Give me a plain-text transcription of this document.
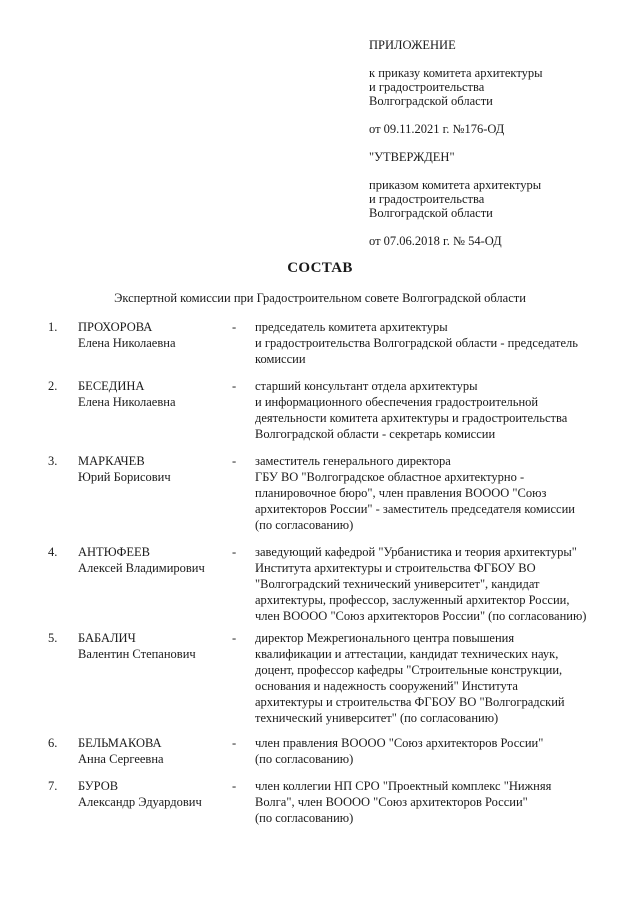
ПРИЛОЖЕНИЕ

к приказу комитета архитектуры
и градостроительства
Волгоградской области

от 09.11.2021 г. №176-ОД

"УТВЕРЖДЕН"

приказом комитета архитектуры
и градостроительства
Волгоградской области

от 07.06.2018 г. № 54-ОД

СОСТАВ
Экспертной комиссии при Градостроительном совете Волгоградской области
1. ПРОХОРОВА
Елена Николаевна
- председатель комитета архитектуры
и градостроительства Волгоградской области - председатель
комиссии
2. БЕСЕДИНА
Елена Николаевна
- старший консультант отдела архитектуры
и информационного обеспечения градостроительной
деятельности комитета архитектуры и градостроительства
Волгоградской области - секретарь комиссии
3. МАРКАЧЕВ
Юрий Борисович
- заместитель генерального директора
ГБУ ВО "Волгоградское областное архитектурно -
планировочное бюро", член правления ВООOO "Союз
архитекторов России" - заместитель председателя комиссии
(по согласованию)
4. АНТЮФЕЕВ
Алексей Владимирович
- заведующий кафедрой "Урбанистика и теория архитектуры"
Института архитектуры и строительства ФГБОУ ВО
"Волгоградский технический университет", кандидат
архитектуры, профессор, заслуженный архитектор России,
член ВООOO "Союз архитекторов России" (по согласованию)
5. БАБАЛИЧ
Валентин Степанович
- директор Межрегионального центра повышения
квалификации и аттестации, кандидат технических наук,
доцент, профессор кафедры "Строительные конструкции,
основания и надежность сооружений" Института
архитектуры и строительства ФГБОУ ВО "Волгоградский
технический университет" (по согласованию)
6. БЕЛЬМАКОВА
Анна Сергеевна
- член правления ВООOO "Союз архитекторов России"
(по согласованию)
7. БУРОВ
Александр Эдуардович
- член коллегии НП СРО "Проектный комплекс "Нижняя
Волга", член ВООOO "Союз архитекторов России"
(по согласованию)
